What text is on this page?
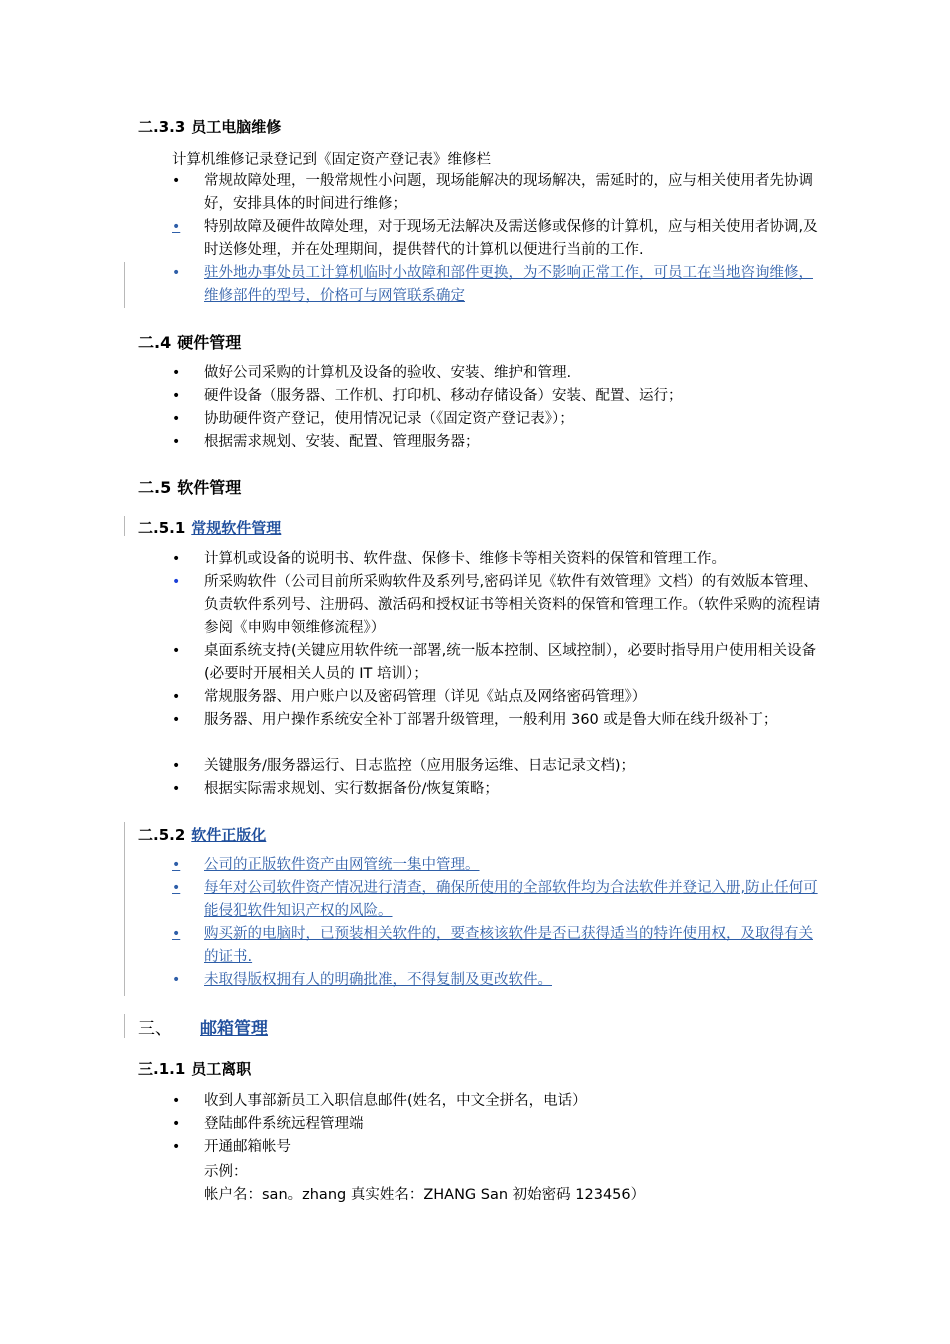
二.3.3 员工电脑维修
计算机维修记录登记到《固定资产登记表》维修栏
• 常规故障处理，一般常规性小问题，现场能解决的现场解决，需延时的，应与相关使用者先协调好，安排具体的时间进行维修；
• 特别故障及硬件故障处理，对于现场无法解决及需送修或保修的计算机，应与相关使用者协调,及时送修处理，并在处理期间，提供替代的计算机以便进行当前的工作.
• 驻外地办事处员工计算机临时小故障和部件更换，为不影响正常工作，可员工在当地咨询维修，维修部件的型号，价格可与网管联系确定
二.4 硬件管理
• 做好公司采购的计算机及设备的验收、安装、维护和管理.
• 硬件设备（服务器、工作机、打印机、移动存储设备）安装、配置、运行；
• 协助硬件资产登记，使用情况记录（《固定资产登记表》）；
• 根据需求规划、安装、配置、管理服务器；
二.5 软件管理
二.5.1 常规软件管理
• 计算机或设备的说明书、软件盘、保修卡、维修卡等相关资料的保管和管理工作。
• 所采购软件（公司目前所采购软件及系列号,密码详见《软件有效管理》文档）的有效版本管理、负责软件系列号、注册码、激活码和授权证书等相关资料的保管和管理工作。（软件采购的流程请参阅《申购申领维修流程》）
• 桌面系统支持(关键应用软件统一部署,统一版本控制、区域控制），必要时指导用户使用相关设备(必要时开展相关人员的 IT 培训）；
• 常规服务器、用户账户以及密码管理（详见《站点及网络密码管理》）
• 服务器、用户操作系统安全补丁部署升级管理，一般利用 360 或是鲁大师在线升级补丁；
• 关键服务/服务器运行、日志监控（应用服务运维、日志记录文档)；
• 根据实际需求规划、实行数据备份/恢复策略；
二.5.2 软件正版化
• 公司的正版软件资产由网管统一集中管理。
• 每年对公司软件资产情况进行清查，确保所使用的全部软件均为合法软件并登记入册,防止任何可能侵犯软件知识产权的风险。
• 购买新的电脑时，已预装相关软件的，要查核该软件是否已获得适当的特许使用权，及取得有关的证书.
• 未取得版权拥有人的明确批准，不得复制及更改软件。
三、 邮箱管理
三.1.1 员工离职
• 收到人事部新员工入职信息邮件(姓名，中文全拼名，电话）
• 登陆邮件系统远程管理端
• 开通邮箱帐号
示例：
帐户名：san。zhang 真实姓名：ZHANG San 初始密码 123456）
